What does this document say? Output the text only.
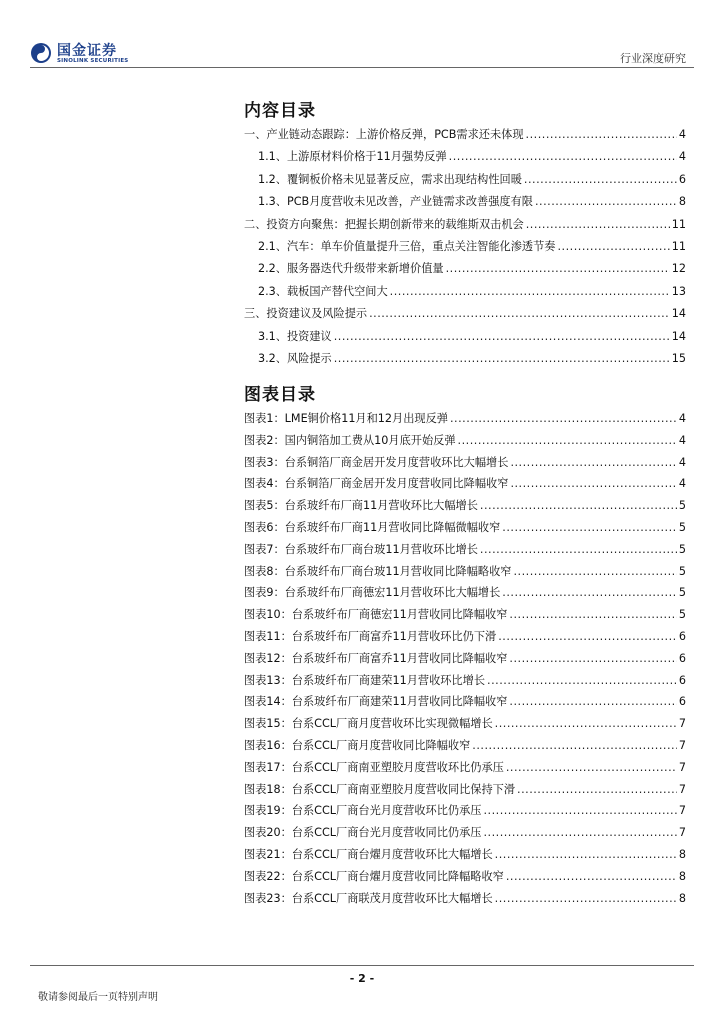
国金证券
SINOLINK SECURITIES	行业深度研究
内容目录
一、产业链动态跟踪：上游价格反弹，PCB需求还未体现 .....	4
1.1、上游原材料价格于11月强势反弹 .....	4
1.2、覆铜板价格未见显著反应，需求出现结构性回暖 .....	6
1.3、PCB月度营收未见改善，产业链需求改善强度有限 .....	8
二、投资方向聚焦：把握长期创新带来的载维斯双击机会 .....	11
2.1、汽车：单车价值量提升三倍，重点关注智能化渗透节奏 .....	11
2.2、服务器迭代升级带来新增价值量 .....	12
2.3、载板国产替代空间大 .....	13
三、投资建议及风险提示 .....	14
3.1、投资建议 .....	14
3.2、风险提示 .....	15
图表目录
图表1：LME铜价格11月和12月出现反弹 .....	4
图表2：国内铜箔加工费从10月底开始反弹 .....	4
图表3：台系铜箔厂商金居开发月度营收环比大幅增长 .....	4
图表4：台系铜箔厂商金居开发月度营收同比降幅收窄 .....	4
图表5：台系玻纤布厂商11月营收环比大幅增长 .....	5
图表6：台系玻纤布厂商11月营收同比降幅微幅收窄 .....	5
图表7：台系玻纤布厂商台玻11月营收环比增长 .....	5
图表8：台系玻纤布厂商台玻11月营收同比降幅略收窄 .....	5
图表9：台系玻纤布厂商德宏11月营收环比大幅增长 .....	5
图表10：台系玻纤布厂商德宏11月营收同比降幅收窄 .....	5
图表11：台系玻纤布厂商富乔11月营收环比仍下滑 .....	6
图表12：台系玻纤布厂商富乔11月营收同比降幅收窄 .....	6
图表13：台系玻纤布厂商建荣11月营收环比增长 .....	6
图表14：台系玻纤布厂商建荣11月营收同比降幅收窄 .....	6
图表15：台系CCL厂商月度营收环比实现微幅增长 .....	7
图表16：台系CCL厂商月度营收同比降幅收窄 .....	7
图表17：台系CCL厂商南亚塑胶月度营收环比仍承压 .....	7
图表18：台系CCL厂商南亚塑胶月度营收同比保持下滑 .....	7
图表19：台系CCL厂商台光月度营收环比仍承压 .....	7
图表20：台系CCL厂商台光月度营收同比仍承压 .....	7
图表21：台系CCL厂商台燿月度营收环比大幅增长 .....	8
图表22：台系CCL厂商台燿月度营收同比降幅略收窄 .....	8
图表23：台系CCL厂商联茂月度营收环比大幅增长 .....	8
- 2 -
敬请参阅最后一页特别声明
